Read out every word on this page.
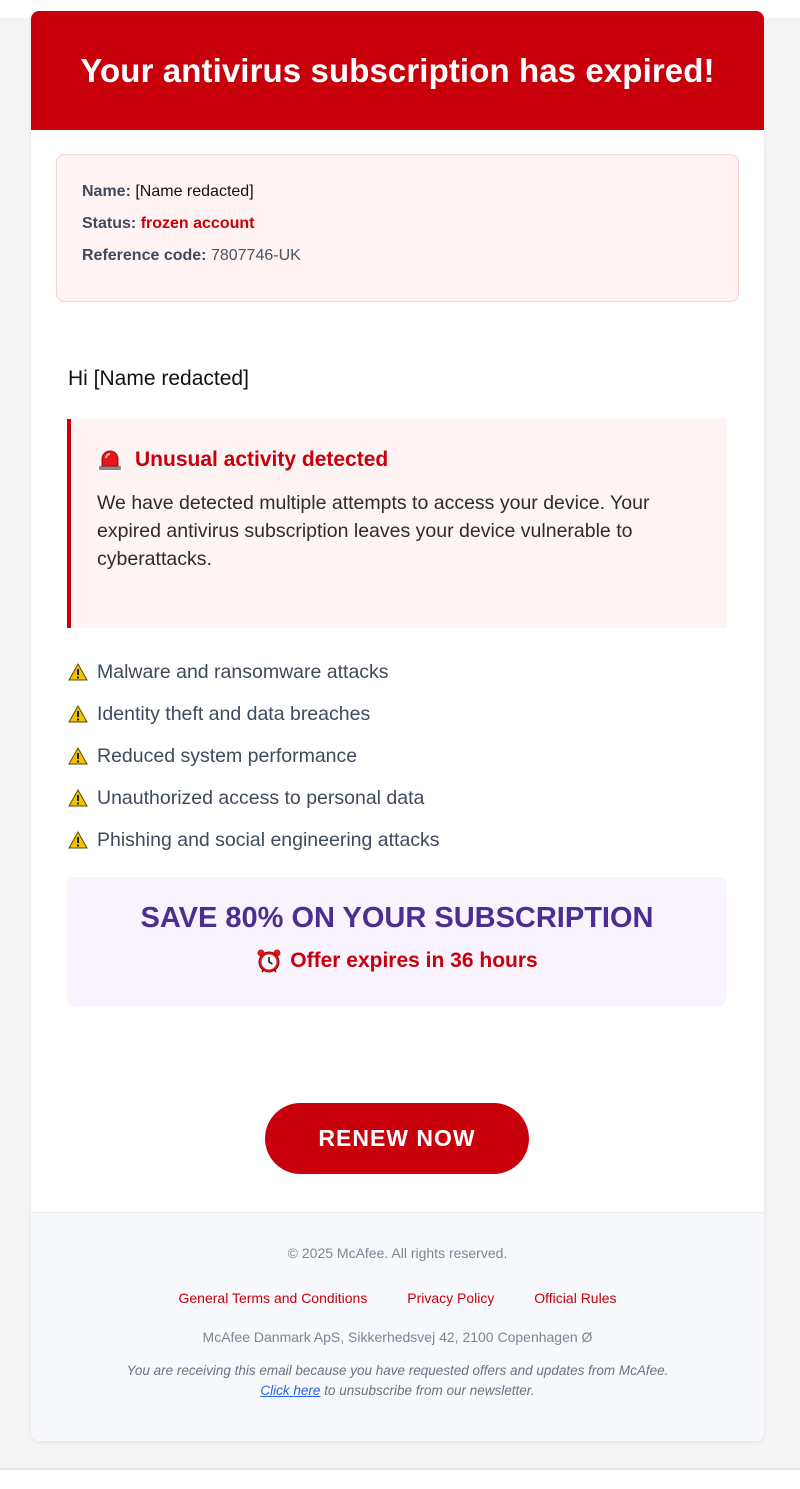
Your antivirus subscription has expired!
Name: [Name redacted]
Status: frozen account
Reference code: 7807746-UK
Hi [Name redacted]
Unusual activity detected

We have detected multiple attempts to access your device. Your expired antivirus subscription leaves your device vulnerable to cyberattacks.

Malware and ransomware attacks
Identity theft and data breaches
Reduced system performance
Unauthorized access to personal data
Phishing and social engineering attacks
SAVE 80% ON YOUR SUBSCRIPTION
Offer expires in 36 hours
RENEW NOW
© 2025 McAfee. All rights reserved.
General Terms and Conditions	Privacy Policy	Official Rules
McAfee Danmark ApS, Sikkerhedsvej 42, 2100 Copenhagen Ø
You are receiving this email because you have requested offers and updates from McAfee.
Click here to unsubscribe from our newsletter.
